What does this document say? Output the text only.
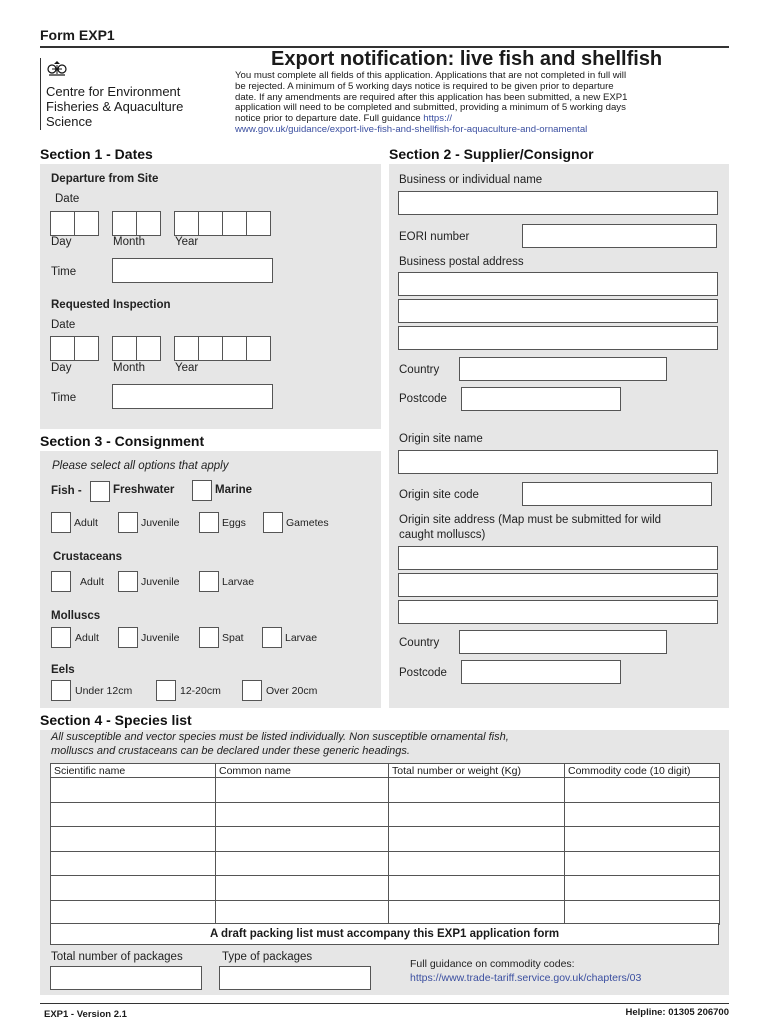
Form EXP1
Centre for Environment
Fisheries & Aquaculture
Science
Export notification: live fish and shellfish
You must complete all fields of this application. Applications that are not completed in full will
be rejected. A minimum of 5 working days notice is required to be given prior to departure
date. If any amendments are required after this application has been submitted, a new EXP1
application will need to be completed and submitted, providing a minimum of 5 working days
notice prior to departure date. Full guidance https://
www.gov.uk/guidance/export-live-fish-and-shellfish-for-aquaculture-and-ornamental
Section 1 - Dates	Section 2 - Supplier/Consignor
Departure from Site
Date
Day	Month	Year
Time
Requested Inspection
Date
Day	Month	Year
Time
Business or individual name
EORI number
Business postal address
Country
Postcode
Origin site name
Origin site code
Origin site address (Map must be submitted for wild
caught molluscs)
Country
Postcode
Section 3 - Consignment
Please select all options that apply
Fish -	Freshwater	Marine
Adult	Juvenile	Eggs	Gametes
Crustaceans
Adult	Juvenile	Larvae
Molluscs
Adult	Juvenile	Spat	Larvae
Eels
Under 12cm	12-20cm	Over 20cm
Section 4 - Species list
All susceptible and vector species must be listed individually. Non susceptible ornamental fish,
molluscs and crustaceans can be declared under these generic headings.
Scientific name	Common name	Total number or weight (Kg)	Commodity code (10 digit)

A draft packing list must accompany this EXP1 application form
Total number of packages	Type of packages
Full guidance on commodity codes:
https://www.trade-tariff.service.gov.uk/chapters/03
EXP1 - Version 2.1	Helpline: 01305 206700
